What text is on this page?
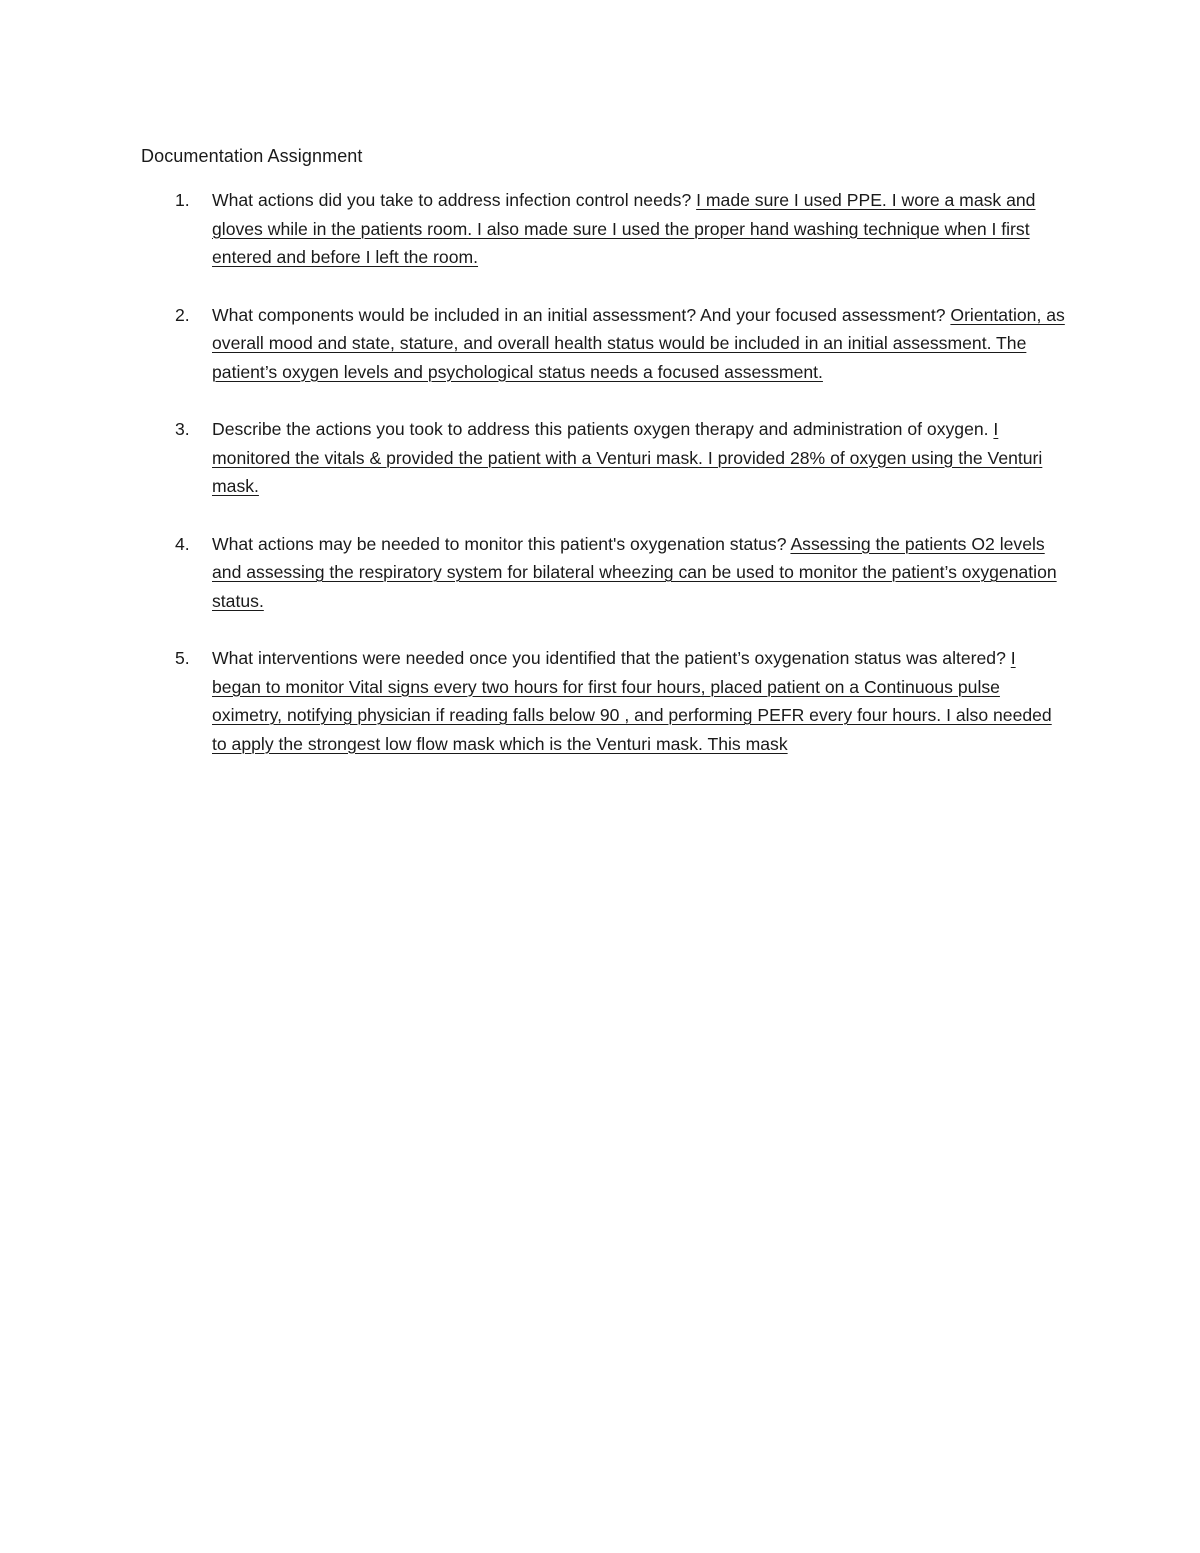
Documentation Assignment
1. What actions did you take to address infection control needs? I made sure I used PPE. I wore a mask and gloves while in the patients room. I also made sure I used the proper hand washing technique when I first entered and before I left the room.
2. What components would be included in an initial assessment? And your focused assessment? Orientation, as overall mood and state, stature, and overall health status would be included in an initial assessment. The patient’s oxygen levels and psychological status needs a focused assessment.
3. Describe the actions you took to address this patients oxygen therapy and administration of oxygen. I monitored the vitals & provided the patient with a Venturi mask. I provided 28% of oxygen using the Venturi mask.
4. What actions may be needed to monitor this patient's oxygenation status? Assessing the patients O2 levels and assessing the respiratory system for bilateral wheezing can be used to monitor the patient’s oxygenation status.
5. What interventions were needed once you identified that the patient’s oxygenation status was altered? I began to monitor Vital signs every two hours for first four hours, placed patient on a Continuous pulse oximetry, notifying physician if reading falls below 90 , and performing PEFR every four hours. I also needed to apply the strongest low flow mask which is the Venturi mask. This mask
